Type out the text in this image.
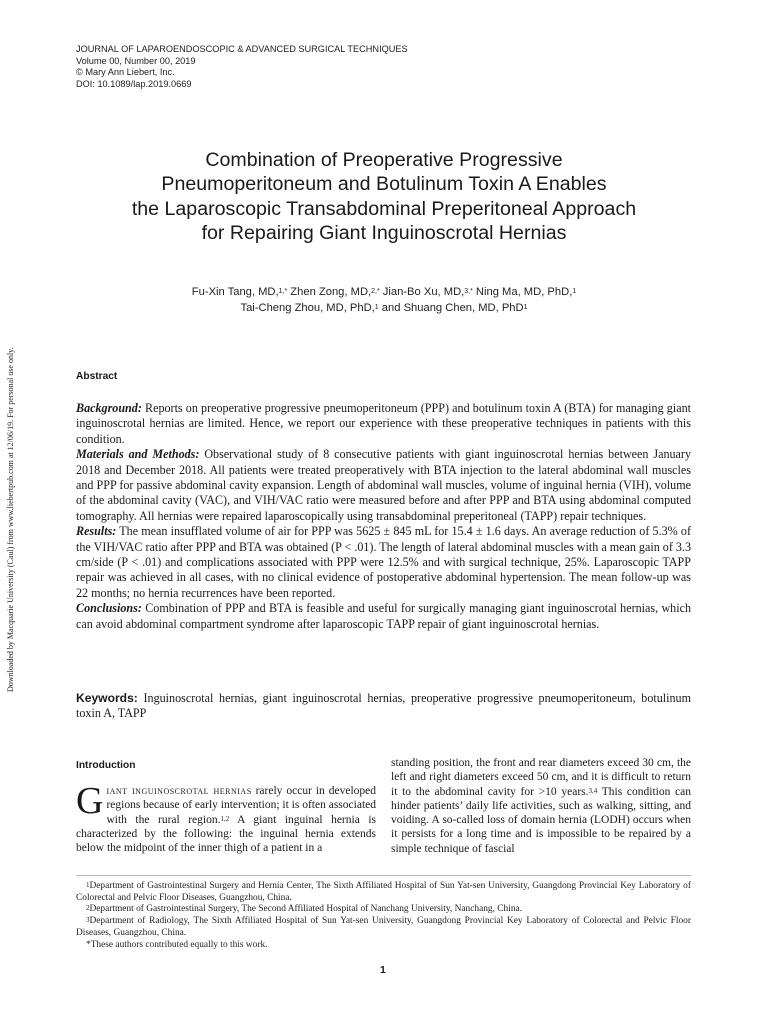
JOURNAL OF LAPAROENDOSCOPIC & ADVANCED SURGICAL TECHNIQUES
Volume 00, Number 00, 2019
© Mary Ann Liebert, Inc.
DOI: 10.1089/lap.2019.0669
Downloaded by Macquarie University (Caul) from www.liebertpub.com at 12/06/19. For personal use only.
Combination of Preoperative Progressive
Pneumoperitoneum and Botulinum Toxin A Enables
the Laparoscopic Transabdominal Preperitoneal Approach
for Repairing Giant Inguinoscrotal Hernias
Fu-Xin Tang, MD,$^{1,*}$ Zhen Zong, MD,$^{2,*}$ Jian-Bo Xu, MD,$^{3,*}$ Ning Ma, MD, PhD,$^1$
Tai-Cheng Zhou, MD, PhD,$^1$ and Shuang Chen, MD, PhD$^1$
Abstract

Background: Reports on preoperative progressive pneumoperitoneum (PPP) and botulinum toxin A (BTA) for managing giant inguinoscrotal hernias are limited. Hence, we report our experience with these preoperative techniques in patients with this condition.

Materials and Methods: Observational study of 8 consecutive patients with giant inguinoscrotal hernias between January 2018 and December 2018. All patients were treated preoperatively with BTA injection to the lateral abdominal wall muscles and PPP for passive abdominal cavity expansion. Length of abdominal wall muscles, volume of inguinal hernia (VIH), volume of the abdominal cavity (VAC), and VIH/VAC ratio were measured before and after PPP and BTA using abdominal computed tomography. All hernias were repaired laparoscopically using transabdominal preperitoneal (TAPP) repair techniques.

Results: The mean insufflated volume of air for PPP was 5625 ± 845 mL for 15.4 ± 1.6 days. An average reduction of 5.3% of the VIH/VAC ratio after PPP and BTA was obtained (P < .01). The length of lateral abdominal muscles with a mean gain of 3.3 cm/side (P < .01) and complications associated with PPP were 12.5% and with surgical technique, 25%. Laparoscopic TAPP repair was achieved in all cases, with no clinical evidence of postoperative abdominal hypertension. The mean follow-up was 22 months; no hernia recurrences have been reported.

Conclusions: Combination of PPP and BTA is feasible and useful for surgically managing giant inguinoscrotal hernias, which can avoid abdominal compartment syndrome after laparoscopic TAPP repair of giant inguinoscrotal hernias.

Keywords: Inguinoscrotal hernias, giant inguinoscrotal hernias, preoperative progressive pneumoperitoneum, botulinum toxin A, TAPP
Introduction
Giant inguinoscrotal hernias rarely occur in developed regions because of early intervention; it is often associated with the rural region.$^{1,2}$ A giant inguinal hernia is characterized by the following: the inguinal hernia extends below the midpoint of the inner thigh of a patient in a
standing position, the front and rear diameters exceed 30 cm, the left and right diameters exceed 50 cm, and it is difficult to return it to the abdominal cavity for >10 years.$^{3,4}$ This condition can hinder patients’ daily life activities, such as walking, sitting, and voiding. A so-called loss of domain hernia (LODH) occurs when it persists for a long time and is impossible to be repaired by a simple technique of fascial

$^1$Department of Gastrointestinal Surgery and Hernia Center, The Sixth Affiliated Hospital of Sun Yat-sen University, Guangdong Provincial Key Laboratory of Colorectal and Pelvic Floor Diseases, Guangzhou, China.

$^2$Department of Gastrointestinal Surgery, The Second Affiliated Hospital of Nanchang University, Nanchang, China.

$^3$Department of Radiology, The Sixth Affiliated Hospital of Sun Yat-sen University, Guangdong Provincial Key Laboratory of Colorectal and Pelvic Floor Diseases, Guangzhou, China.

*These authors contributed equally to this work.

1
